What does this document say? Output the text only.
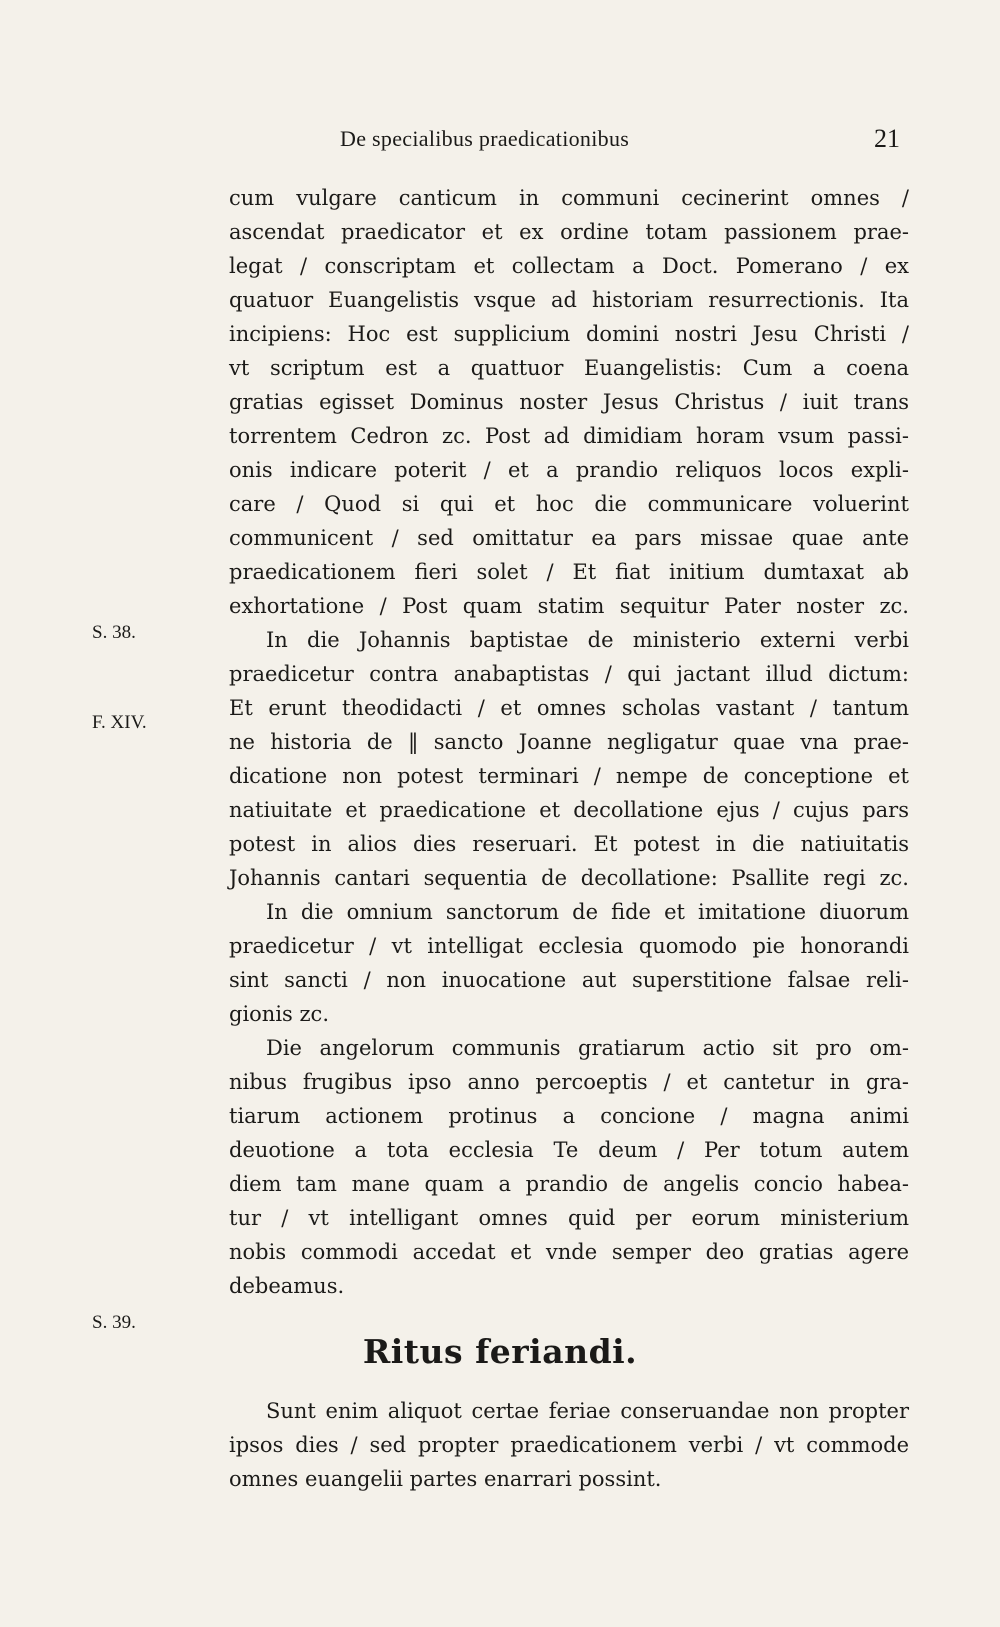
De specialibus praedicationibus	21
S. 38.
F. XIV.
S. 39.

cum vulgare canticum in communi cecinerint omnes /

ascendat praedicator et ex ordine totam passionem prae-

legat / conscriptam et collectam a Doct. Pomerano / ex

quatuor Euangelistis vsque ad historiam resurrectionis. Ita

incipiens: Hoc est supplicium domini nostri Jesu Christi /

vt scriptum est a quattuor Euangelistis: Cum a coena

gratias egisset Dominus noster Jesus Christus / iuit trans

torrentem Cedron zc. Post ad dimidiam horam vsum passi-

onis indicare poterit / et a prandio reliquos locos expli-

care / Quod si qui et hoc die communicare voluerint

communicent / sed omittatur ea pars missae quae ante

praedicationem fieri solet / Et fiat initium dumtaxat ab

exhortatione / Post quam statim sequitur Pater noster zc.

In die Johannis baptistae de ministerio externi verbi

praedicetur contra anabaptistas / qui jactant illud dictum:

Et erunt theodidacti / et omnes scholas vastant / tantum

ne historia de ‖ sancto Joanne negligatur quae vna prae-

dicatione non potest terminari / nempe de conceptione et

natiuitate et praedicatione et decollatione ejus / cujus pars

potest in alios dies reseruari. Et potest in die natiuitatis

Johannis cantari sequentia de decollatione: Psallite regi zc.

In die omnium sanctorum de fide et imitatione diuorum

praedicetur / vt intelligat ecclesia quomodo pie honorandi

sint sancti / non inuocatione aut superstitione falsae reli-

gionis zc.

Die angelorum communis gratiarum actio sit pro om-

nibus frugibus ipso anno percoeptis / et cantetur in gra-

tiarum actionem protinus a concione / magna animi

deuotione a tota ecclesia Te deum / Per totum autem

diem tam mane quam a prandio de angelis concio habea-

tur / vt intelligant omnes quid per eorum ministerium

nobis commodi accedat et vnde semper deo gratias agere

debeamus.

Ritus feriandi.

Sunt enim aliquot certae feriae conseruandae non propter

ipsos dies / sed propter praedicationem verbi / vt commode

omnes euangelii partes enarrari possint.
